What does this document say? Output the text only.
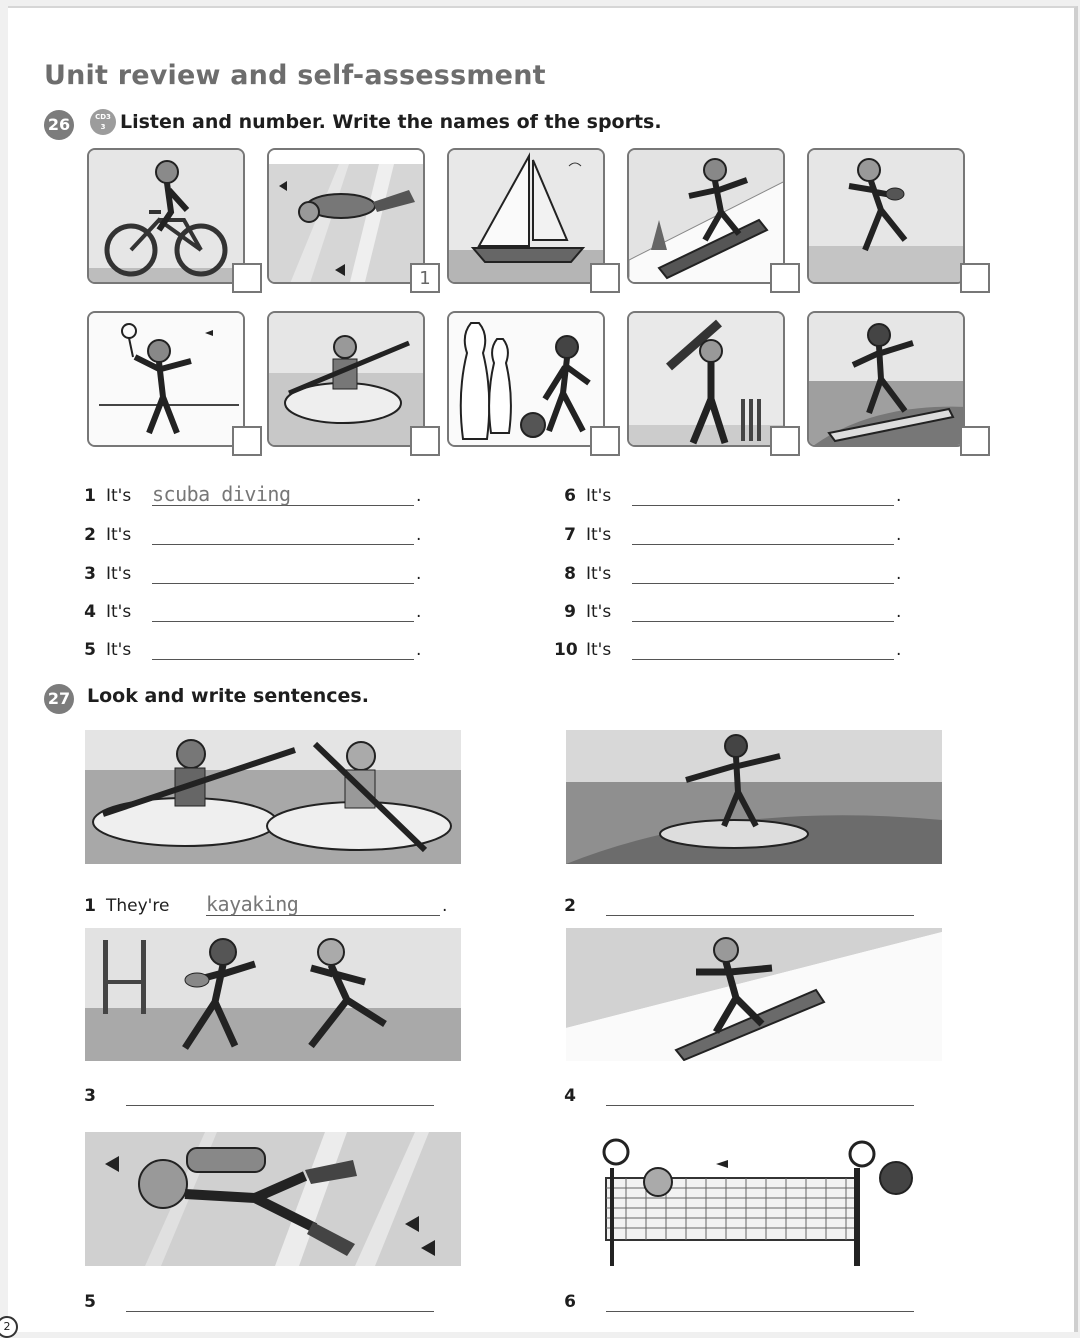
Unit review and self-assessment
26	CD3
3 Listen and number. Write the names of the sports.
1
1 It's scuba diving	.
2 It's	.
3 It's	.
4 It's	.
5 It's	.
6 It's	.
7 It's	.
8 It's	.
9 It's	.
10 It's	.
27 Look and write sentences.
1 They're kayaking	.	2
3	4
5	6
2
